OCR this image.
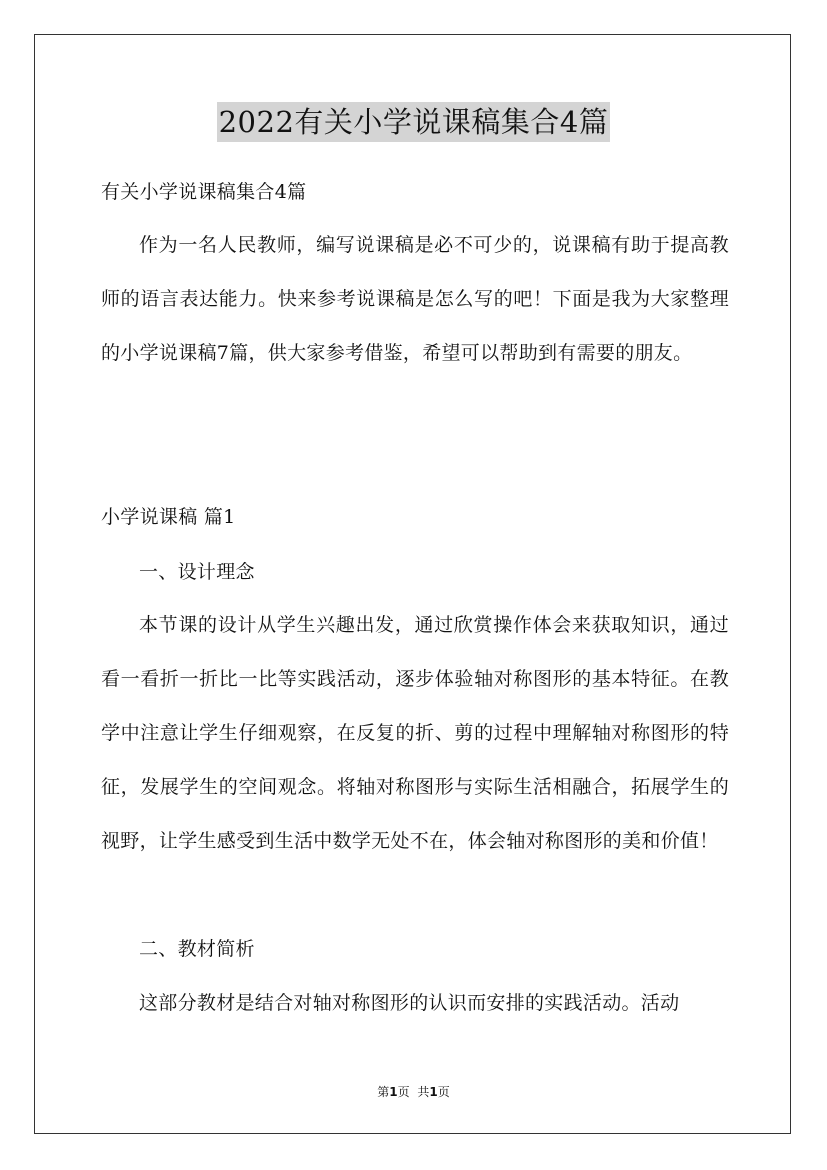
2022有关小学说课稿集合4篇
有关小学说课稿集合4篇
作为一名人民教师，编写说课稿是必不可少的，说课稿有助于提高教师的语言表达能力。快来参考说课稿是怎么写的吧！下面是我为大家整理的小学说课稿7篇，供大家参考借鉴，希望可以帮助到有需要的朋友。
小学说课稿 篇1
一、设计理念
本节课的设计从学生兴趣出发，通过欣赏操作体会来获取知识，通过看一看折一折比一比等实践活动，逐步体验轴对称图形的基本特征。在教学中注意让学生仔细观察，在反复的折、剪的过程中理解轴对称图形的特征，发展学生的空间观念。将轴对称图形与实际生活相融合，拓展学生的视野，让学生感受到生活中数学无处不在，体会轴对称图形的美和价值！
二、教材简析
这部分教材是结合对轴对称图形的认识而安排的实践活动。活动
第1页 共1页
